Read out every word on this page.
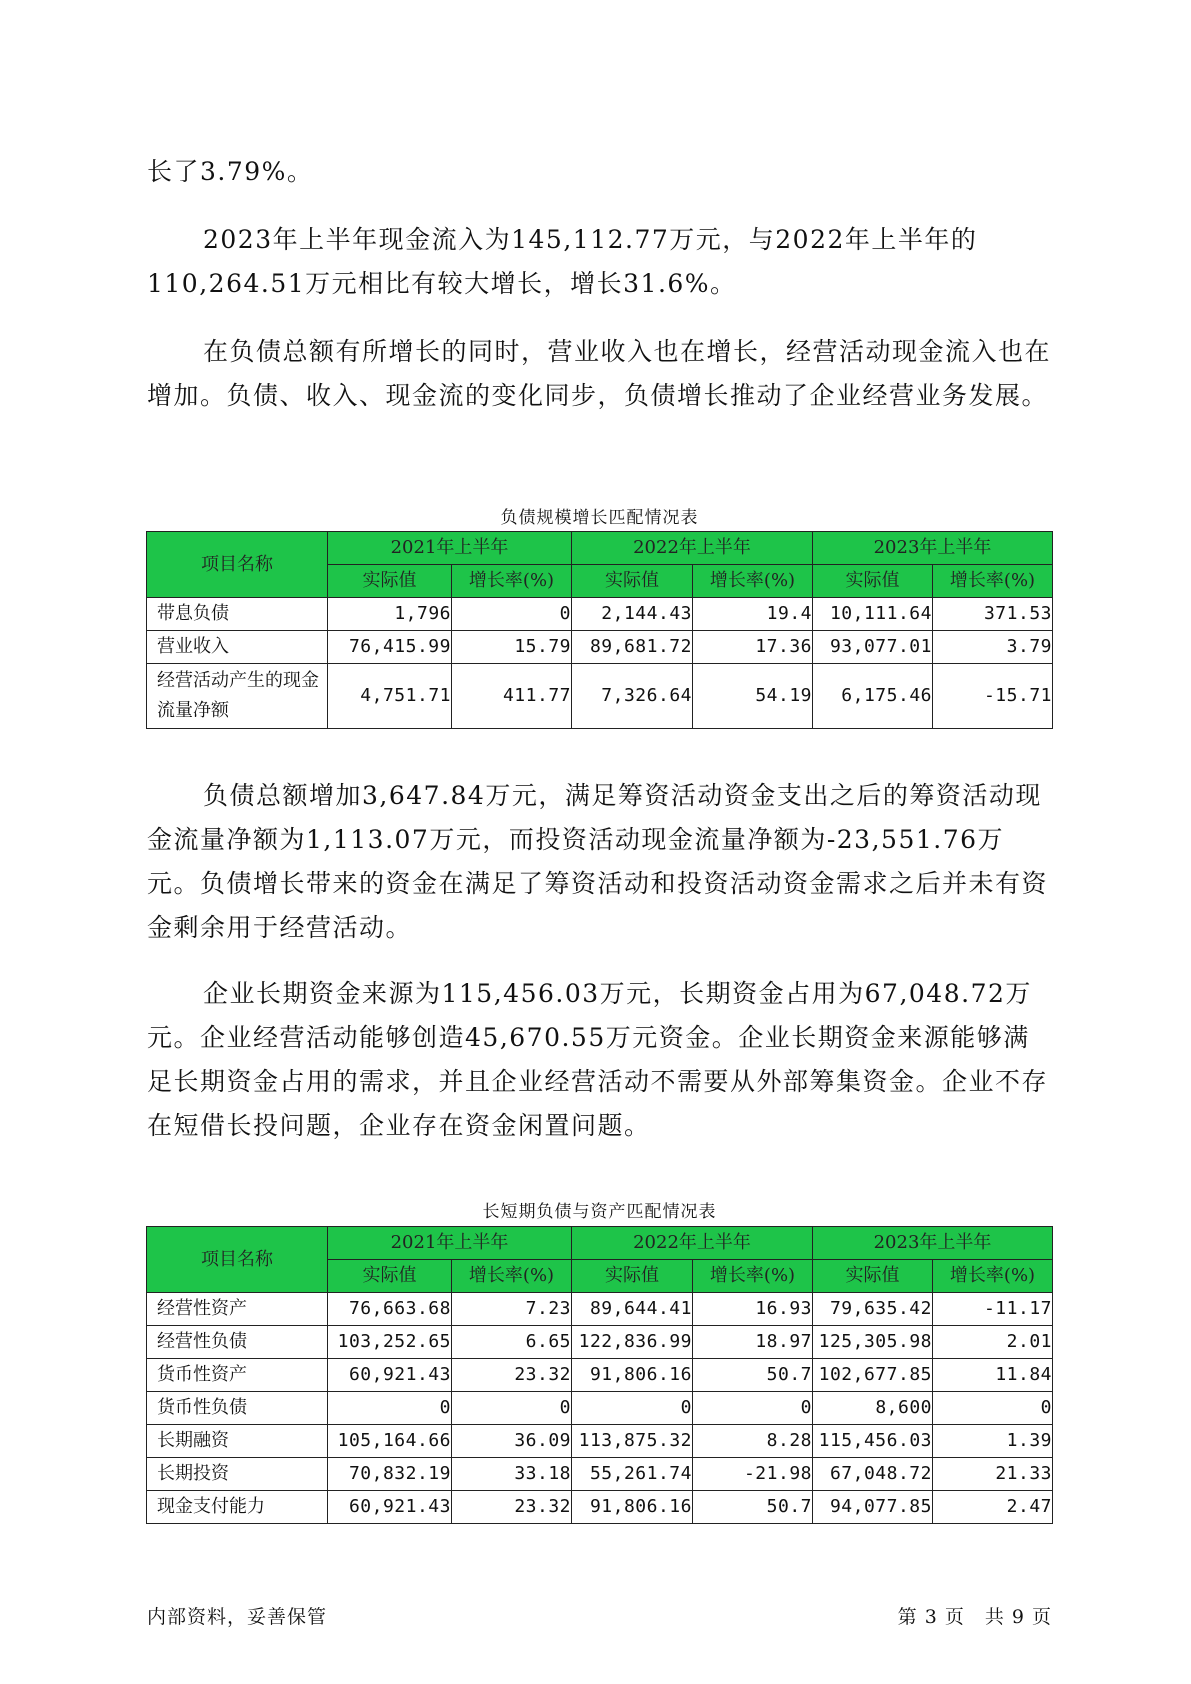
长了3.79%。

2023年上半年现金流入为145,112.77万元，与2022年上半年的110,264.51万元相比有较大增长，增长31.6%。

在负债总额有所增长的同时，营业收入也在增长，经营活动现金流入也在增加。负债、收入、现金流的变化同步，负债增长推动了企业经营业务发展。

负债规模增长匹配情况表
项目名称	2021年上半年		2022年上半年		2023年上半年	
	实际值	增长率(%)	实际值	增长率(%)	实际值	增长率(%)
带息负债	1,796	0	2,144.43	19.4	10,111.64	371.53
营业收入	76,415.99	15.79	89,681.72	17.36	93,077.01	3.79
经营活动产生的现金流量净额	4,751.71	411.77	7,326.64	54.19	6,175.46	-15.71

负债总额增加3,647.84万元，满足筹资活动资金支出之后的筹资活动现金流量净额为1,113.07万元，而投资活动现金流量净额为-23,551.76万元。负债增长带来的资金在满足了筹资活动和投资活动资金需求之后并未有资金剩余用于经营活动。

企业长期资金来源为115,456.03万元，长期资金占用为67,048.72万元。企业经营活动能够创造45,670.55万元资金。企业长期资金来源能够满足长期资金占用的需求，并且企业经营活动不需要从外部筹集资金。企业不存在短借长投问题，企业存在资金闲置问题。

长短期负债与资产匹配情况表
项目名称	2021年上半年		2022年上半年		2023年上半年	
	实际值	增长率(%)	实际值	增长率(%)	实际值	增长率(%)
经营性资产	76,663.68	7.23	89,644.41	16.93	79,635.42	-11.17
经营性负债	103,252.65	6.65	122,836.99	18.97	125,305.98	2.01
货币性资产	60,921.43	23.32	91,806.16	50.7	102,677.85	11.84
货币性负债	0	0	0	0	8,600	0
长期融资	105,164.66	36.09	113,875.32	8.28	115,456.03	1.39
长期投资	70,832.19	33.18	55,261.74	-21.98	67,048.72	21.33
现金支付能力	60,921.43	23.32	91,806.16	50.7	94,077.85	2.47
内部资料，妥善保管	第 3 页　共 9 页
